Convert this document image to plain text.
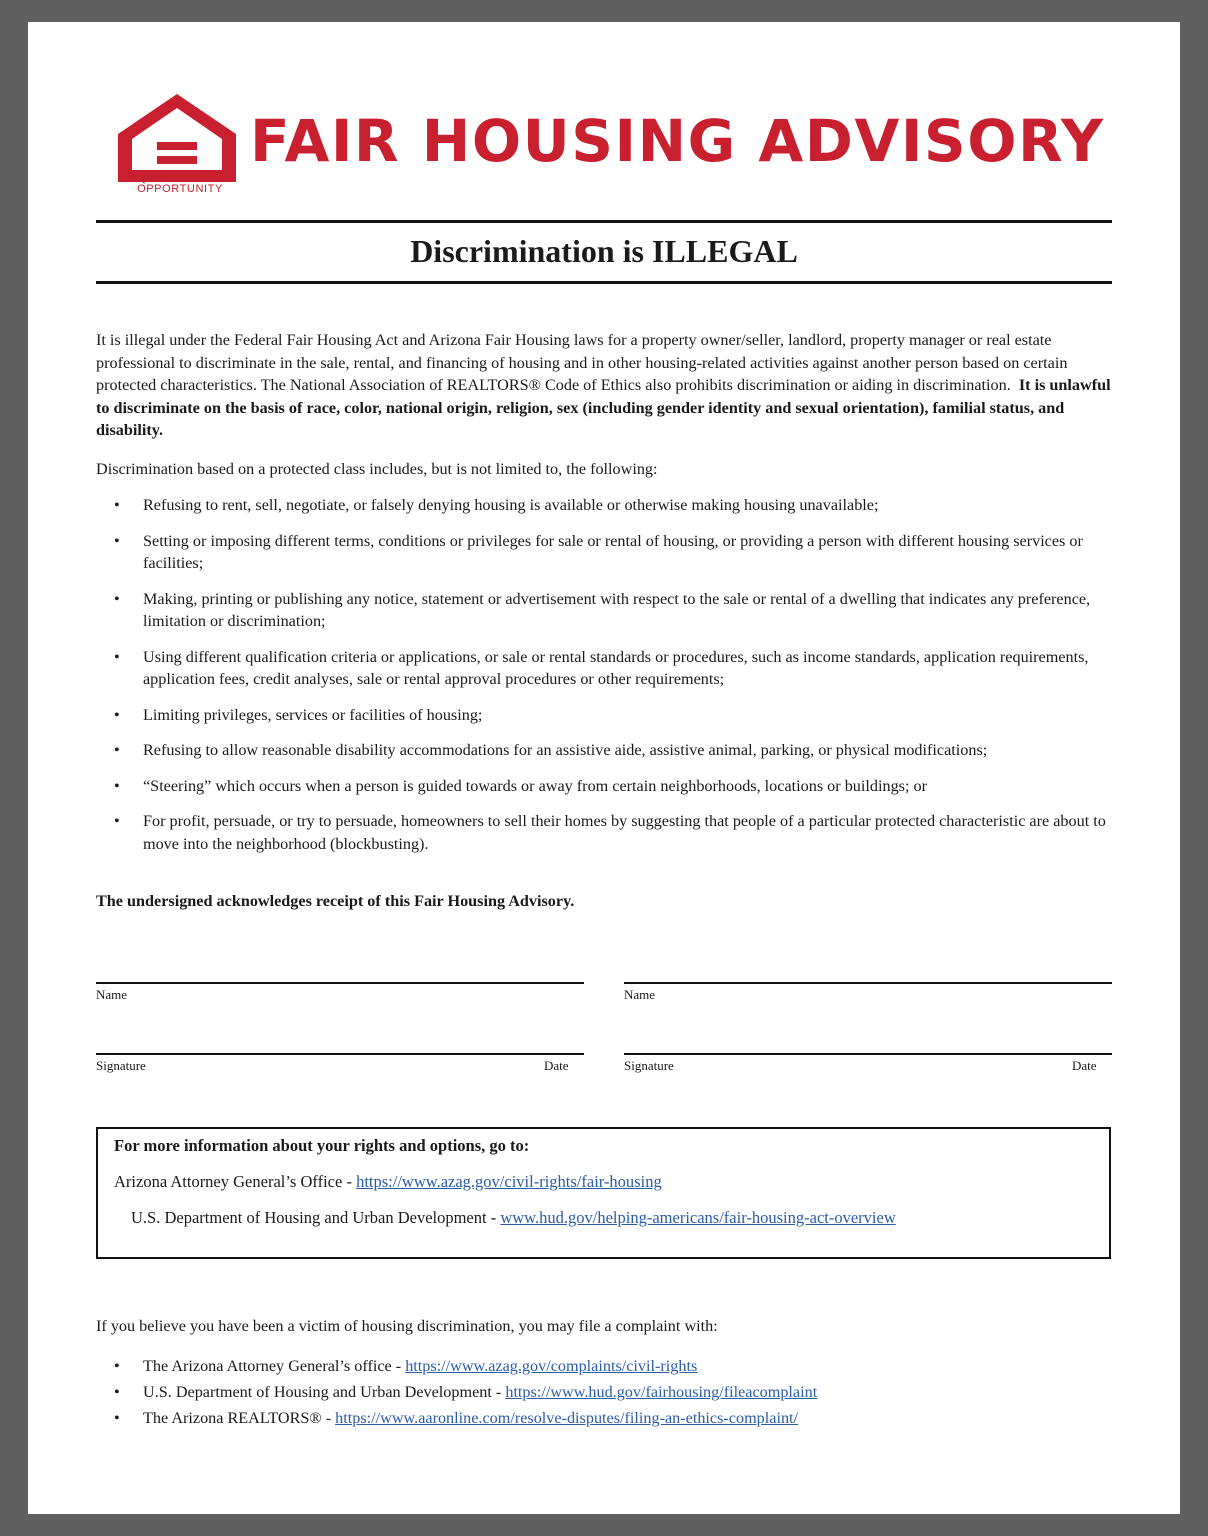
EQUAL HOUSING
OPPORTUNITY
FAIR HOUSING ADVISORY
Discrimination is ILLEGAL

It is illegal under the Federal Fair Housing Act and Arizona Fair Housing laws for a property owner/seller, landlord, property manager or real estate professional to discriminate in the sale, rental, and financing of housing and in other housing-related activities against another person based on certain protected characteristics. The National Association of REALTORS® Code of Ethics also prohibits discrimination or aiding in discrimination. It is unlawful to discriminate on the basis of race, color, national origin, religion, sex (including gender identity and sexual orientation), familial status, and disability.

Discrimination based on a protected class includes, but is not limited to, the following:

• Refusing to rent, sell, negotiate, or falsely denying housing is available or otherwise making housing unavailable;
• Setting or imposing different terms, conditions or privileges for sale or rental of housing, or providing a person with different housing services or facilities;
• Making, printing or publishing any notice, statement or advertisement with respect to the sale or rental of a dwelling that indicates any preference, limitation or discrimination;
• Using different qualification criteria or applications, or sale or rental standards or procedures, such as income standards, application requirements, application fees, credit analyses, sale or rental approval procedures or other requirements;
• Limiting privileges, services or facilities of housing;
• Refusing to allow reasonable disability accommodations for an assistive aide, assistive animal, parking, or physical modifications;
• “Steering” which occurs when a person is guided towards or away from certain neighborhoods, locations or buildings; or
• For profit, persuade, or try to persuade, homeowners to sell their homes by suggesting that people of a particular protected characteristic are about to move into the neighborhood (blockbusting).
The undersigned acknowledges receipt of this Fair Housing Advisory.
Name
Signature	Date
Name
Signature	Date
For more information about your rights and options, go to:
Arizona Attorney General’s Office - https://www.azag.gov/civil-rights/fair-housing
U.S. Department of Housing and Urban Development - www.hud.gov/helping-americans/fair-housing-act-overview

If you believe you have been a victim of housing discrimination, you may file a complaint with:

• The Arizona Attorney General’s office - https://www.azag.gov/complaints/civil-rights
• U.S. Department of Housing and Urban Development - https://www.hud.gov/fairhousing/fileacomplaint
• The Arizona REALTORS® - https://www.aaronline.com/resolve-disputes/filing-an-ethics-complaint/
